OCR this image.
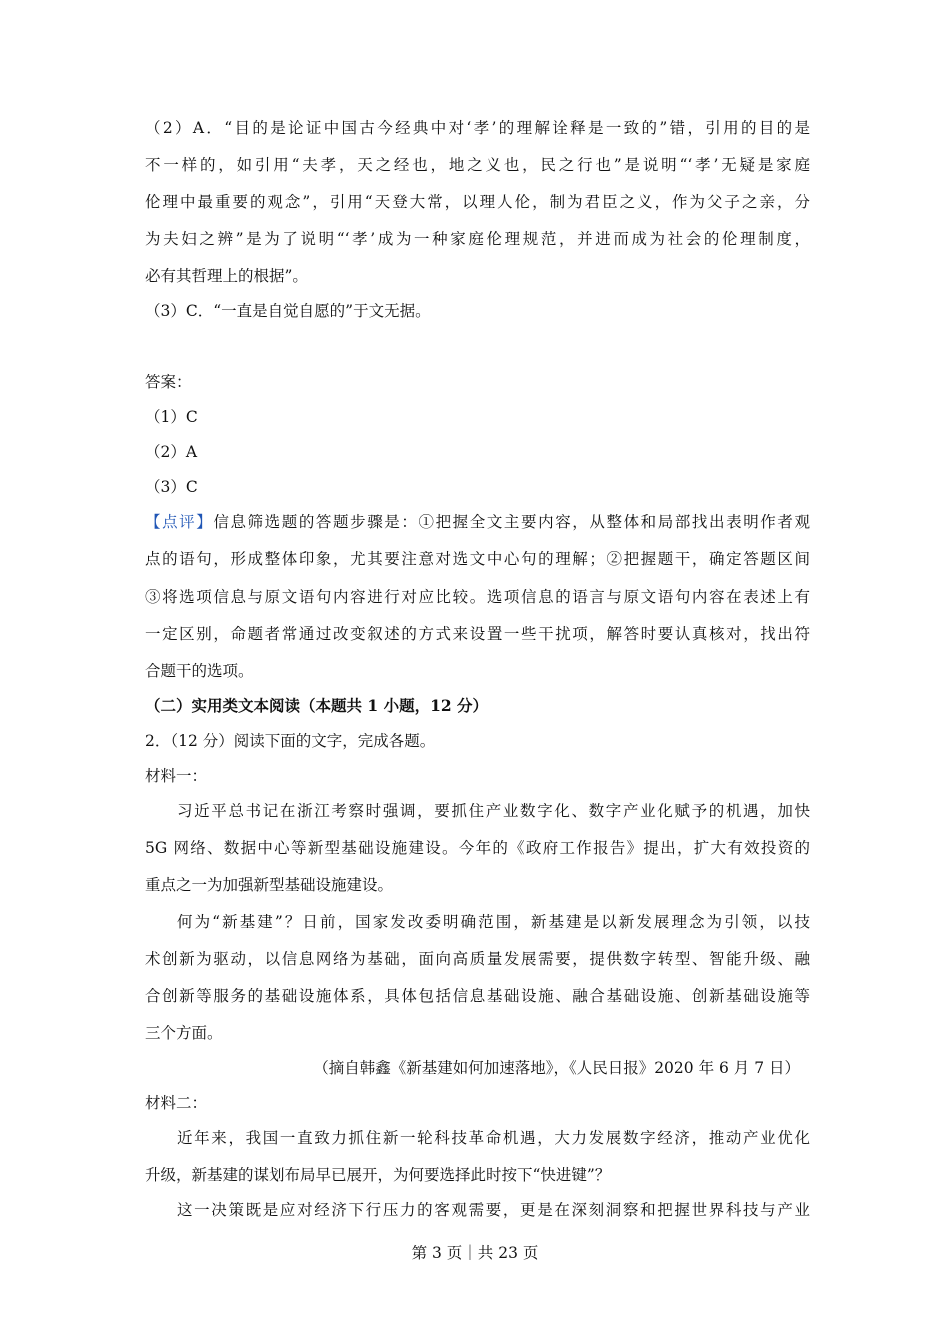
（2）A．“目的是论证中国古今经典中对‘孝’的理解诠释是一致的”错，引用的目的是
不一样的，如引用“夫孝，天之经也，地之义也，民之行也”是说明“‘孝’无疑是家庭
伦理中最重要的观念”，引用“天登大常，以理人伦，制为君臣之义，作为父子之亲，分
为夫妇之辨”是为了说明“‘孝’成为一种家庭伦理规范，并进而成为社会的伦理制度，
必有其哲理上的根据”。
（3）C．“一直是自觉自愿的”于文无据。
答案：
（1）C
（2）A
（3）C
【点评】信息筛选题的答题步骤是：①把握全文主要内容，从整体和局部找出表明作者观
点的语句，形成整体印象，尤其要注意对选文中心句的理解；②把握题干，确定答题区间
③将选项信息与原文语句内容进行对应比较。选项信息的语言与原文语句内容在表述上有
一定区别，命题者常通过改变叙述的方式来设置一些干扰项，解答时要认真核对，找出符
合题干的选项。
（二）实用类文本阅读（本题共 1 小题，12 分）
2．（12 分）阅读下面的文字，完成各题。
材料一：
习近平总书记在浙江考察时强调，要抓住产业数字化、数字产业化赋予的机遇，加快
5G 网络、数据中心等新型基础设施建设。今年的《政府工作报告》提出，扩大有效投资的
重点之一为加强新型基础设施建设。
何为“新基建”？日前，国家发改委明确范围，新基建是以新发展理念为引领，以技
术创新为驱动，以信息网络为基础，面向高质量发展需要，提供数字转型、智能升级、融
合创新等服务的基础设施体系，具体包括信息基础设施、融合基础设施、创新基础设施等
三个方面。
（摘自韩鑫《新基建如何加速落地》，《人民日报》2020 年 6 月 7 日）
材料二：
近年来，我国一直致力抓住新一轮科技革命机遇，大力发展数字经济，推动产业优化
升级，新基建的谋划布局早已展开，为何要选择此时按下“快进键”？
这一决策既是应对经济下行压力的客观需要，更是在深刻洞察和把握世界科技与产业
第 3 页｜共 23 页
